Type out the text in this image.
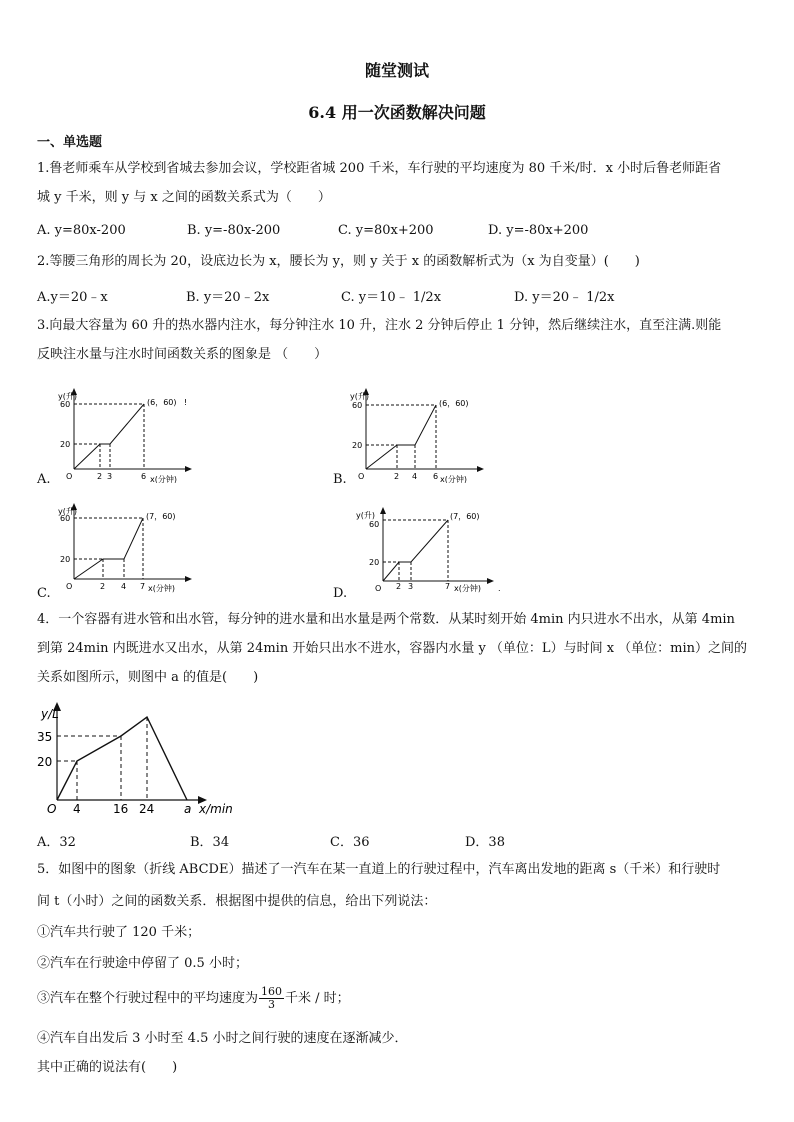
随堂测试
6.4 用一次函数解决问题
一、单选题
1.鲁老师乘车从学校到省城去参加会议，学校距省城 200 千米，车行驶的平均速度为 80 千米/时．x 小时后鲁老师距省
城 y 千米，则 y 与 x 之间的函数关系式为（　　）
A. y=80x-200	B. y=-80x-200	C. y=80x+200	D. y=-80x+200
2.等腰三角形的周长为 20，设底边长为 x，腰长为 y，则 y 关于 x 的函数解析式为（x 为自变量）(　　)
A.y＝20﹣x	B. y＝20﹣2x	C. y＝10﹣ 1/2x	D. y＝20﹣ 1/2x
3.向最大容量为 60 升的热水器内注水，每分钟注水 10 升，注水 2 分钟后停止 1 分钟，然后继续注水，直至注满.则能
反映注水量与注水时间函数关系的图象是 （　　）
y(升)
60
20
O	2 3	6 x(分钟)
(6，60) !
A.
y(升)
60
20
O	2 4 6 x(分钟)
(6，60)
B.
y(升)
60
20
O	2 4 7 x(分钟)
(7，60)
C.
y(升)
60
20
O 2 3	7 x(分钟)
(7，60)
.
D.
4．一个容器有进水管和出水管，每分钟的进水量和出水量是两个常数．从某时刻开始 4min 内只进水不出水，从第 4min
到第 24min 内既进水又出水，从第 24min 开始只出水不进水，容器内水量 y （单位：L）与时间 x （单位：min）之间的
关系如图所示，则图中 a 的值是(　　)
y/L
35
20
O 4	16 24 a x/min
A．32	B．34	C．36	D．38
5．如图中的图象（折线 ABCDE）描述了一汽车在某一直道上的行驶过程中，汽车离出发地的距离 s（千米）和行驶时
间 t（小时）之间的函数关系．根据图中提供的信息，给出下列说法：
①汽车共行驶了 120 千米；
②汽车在行驶途中停留了 0.5 小时；
③汽车在整个行驶过程中的平均速度为 $\frac{160}{3}$ 千米 / 时；
④汽车自出发后 3 小时至 4.5 小时之间行驶的速度在逐渐减少．
其中正确的说法有(　　)
